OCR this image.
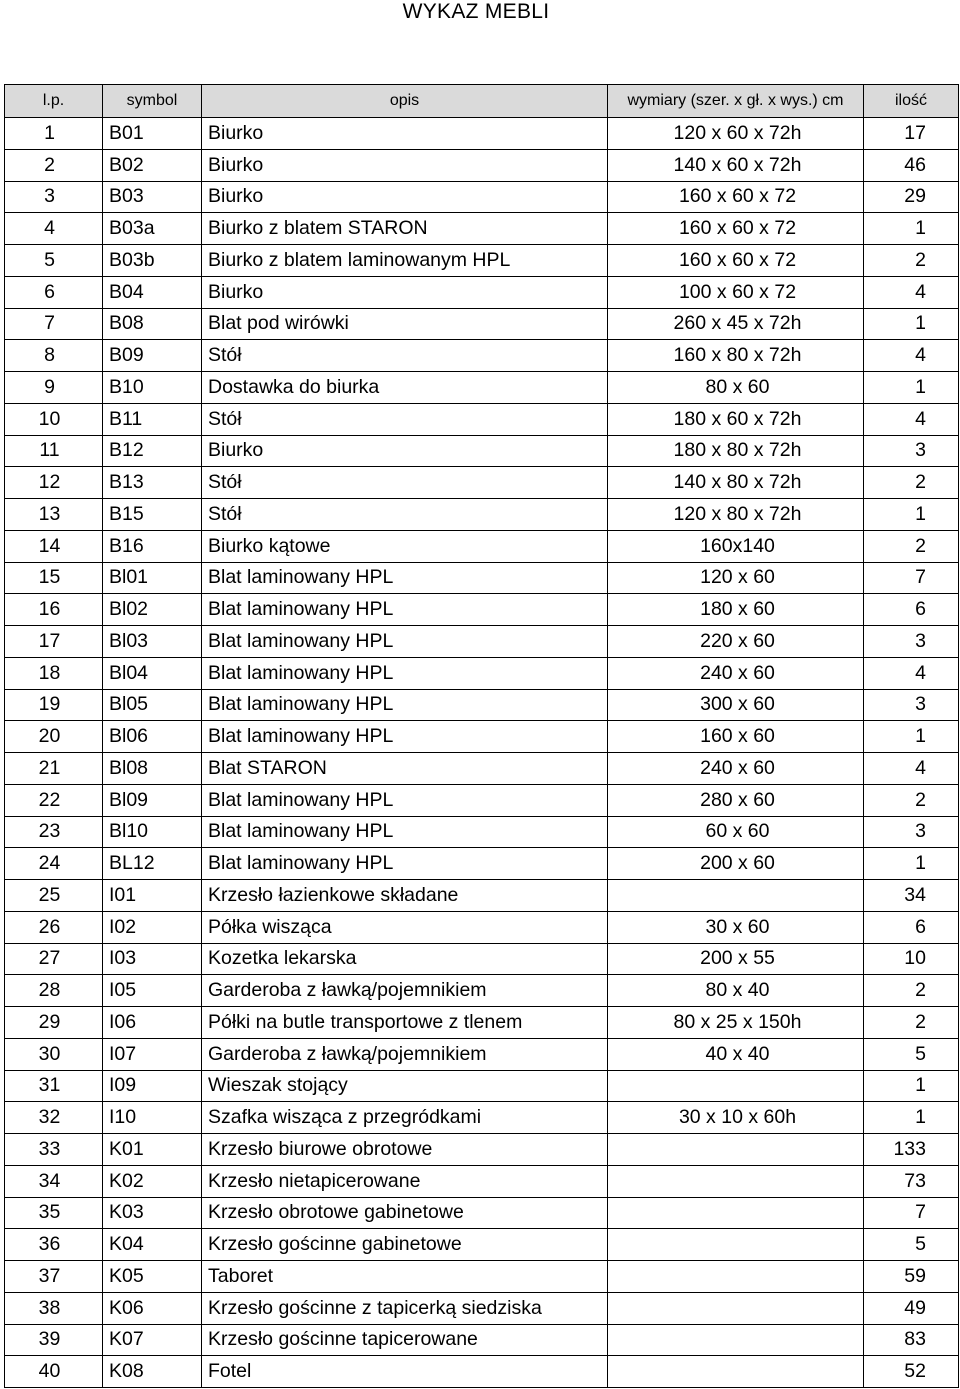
WYKAZ MEBLI
l.p.	symbol	opis	wymiary (szer. x gł. x wys.) cm	ilość
1	B01	Biurko	120 x 60 x 72h	17
2	B02	Biurko	140 x 60 x 72h	46
3	B03	Biurko	160 x 60 x 72	29
4	B03a	Biurko z blatem STARON	160 x 60 x 72	1
5	B03b	Biurko z blatem laminowanym HPL	160 x 60 x 72	2
6	B04	Biurko	100 x 60 x 72	4
7	B08	Blat pod wirówki	260 x 45 x 72h	1
8	B09	Stół	160 x 80 x 72h	4
9	B10	Dostawka do biurka	80 x 60	1
10	B11	Stół	180 x 60 x 72h	4
11	B12	Biurko	180 x 80 x 72h	3
12	B13	Stół	140 x 80 x 72h	2
13	B15	Stół	120 x 80 x 72h	1
14	B16	Biurko kątowe	160x140	2
15	Bl01	Blat laminowany HPL	120 x 60	7
16	Bl02	Blat laminowany HPL	180 x 60	6
17	Bl03	Blat laminowany HPL	220 x 60	3
18	Bl04	Blat laminowany HPL	240 x 60	4
19	Bl05	Blat laminowany HPL	300 x 60	3
20	Bl06	Blat laminowany HPL	160 x 60	1
21	Bl08	Blat STARON	240 x 60	4
22	Bl09	Blat laminowany HPL	280 x 60	2
23	Bl10	Blat laminowany HPL	60 x 60	3
24	BL12	Blat laminowany HPL	200 x 60	1
25	I01	Krzesło łazienkowe składane		34
26	I02	Półka wisząca	30 x 60	6
27	I03	Kozetka lekarska	200 x 55	10
28	I05	Garderoba z ławką/pojemnikiem	80 x 40	2
29	I06	Półki na butle transportowe z tlenem	80 x 25 x 150h	2
30	I07	Garderoba z ławką/pojemnikiem	40 x 40	5
31	I09	Wieszak stojący		1
32	I10	Szafka wisząca z przegródkami	30 x 10 x 60h	1
33	K01	Krzesło biurowe obrotowe		133
34	K02	Krzesło nietapicerowane		73
35	K03	Krzesło obrotowe gabinetowe		7
36	K04	Krzesło gościnne gabinetowe		5
37	K05	Taboret		59
38	K06	Krzesło gościnne z tapicerką siedziska		49
39	K07	Krzesło gościnne tapicerowane		83
40	K08	Fotel		52
